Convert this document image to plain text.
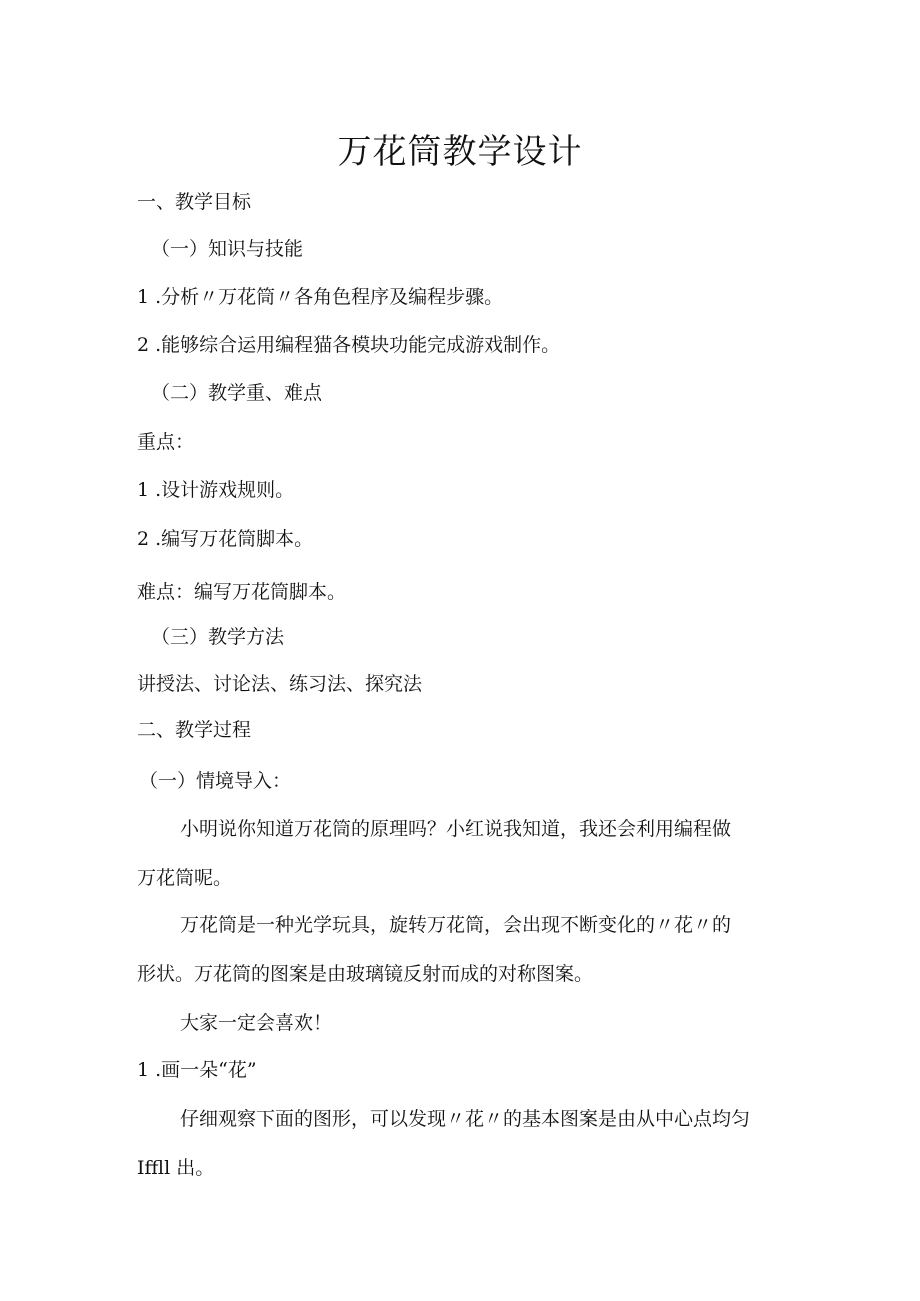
万花筒教学设计
一、教学目标
（一）知识与技能
1 .分析〃万花筒〃各角色程序及编程步骤。
2 .能够综合运用编程猫各模块功能完成游戏制作。
（二）教学重、难点
重点：
1 .设计游戏规则。
2 .编写万花筒脚本。
难点：编写万花筒脚本。
（三）教学方法
讲授法、讨论法、练习法、探究法
二、教学过程
（一）情境导入：
小明说你知道万花筒的原理吗？小红说我知道，我还会利用编程做
万花筒呢。
万花筒是一种光学玩具，旋转万花筒，会出现不断变化的〃花〃的
形状。万花筒的图案是由玻璃镜反射而成的对称图案。
大家一定会喜欢！
1 .画一朵“花”
仔细观察下面的图形，可以发现〃花〃的基本图案是由从中心点均匀
Iffll 出。
